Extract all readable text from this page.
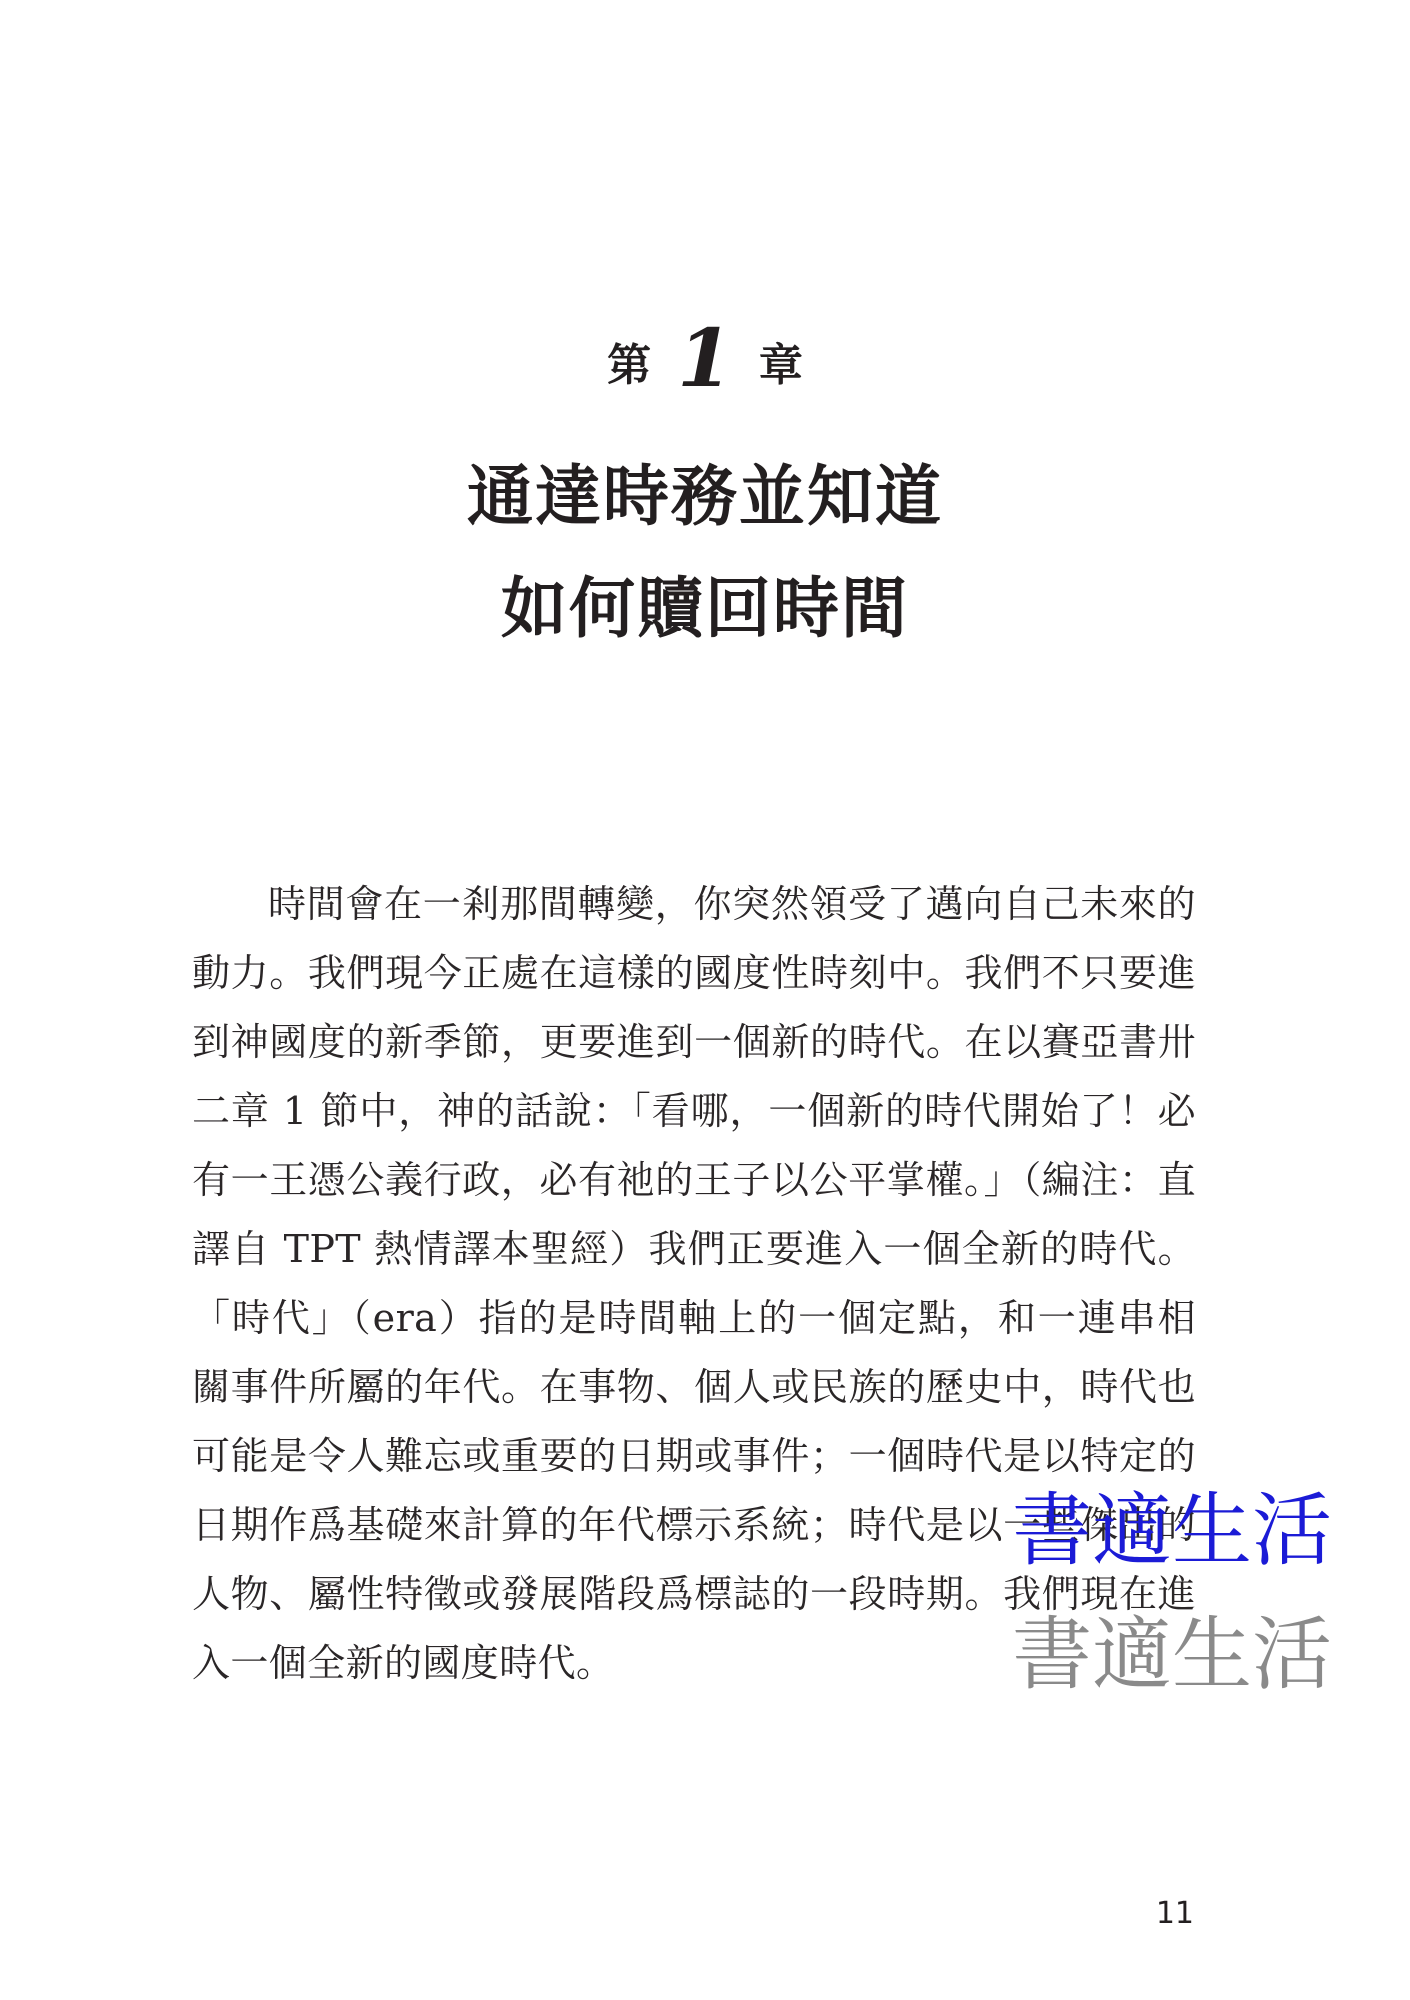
第 1 章
通達時務並知道
如何贖回時間

時間會在一剎那間轉變，你突然領受了邁向自己未來的動力。我們現今正處在這樣的國度性時刻中。我們不只要進到神國度的新季節，更要進到一個新的時代。在以賽亞書卅二章 1 節中，神的話說：「看哪，一個新的時代開始了！必有一王憑公義行政，必有祂的王子以公平掌權。」（編注：直譯自 TPT 熱情譯本聖經）我們正要進入一個全新的時代。「時代」（era）指的是時間軸上的一個定點，和一連串相關事件所屬的年代。在事物、個人或民族的歷史中，時代也可能是令人難忘或重要的日期或事件；一個時代是以特定的日期作爲基礎來計算的年代標示系統；時代是以一些傑出的人物、屬性特徵或發展階段爲標誌的一段時期。我們現在進入一個全新的國度時代。

書適生活
書適生活
11
